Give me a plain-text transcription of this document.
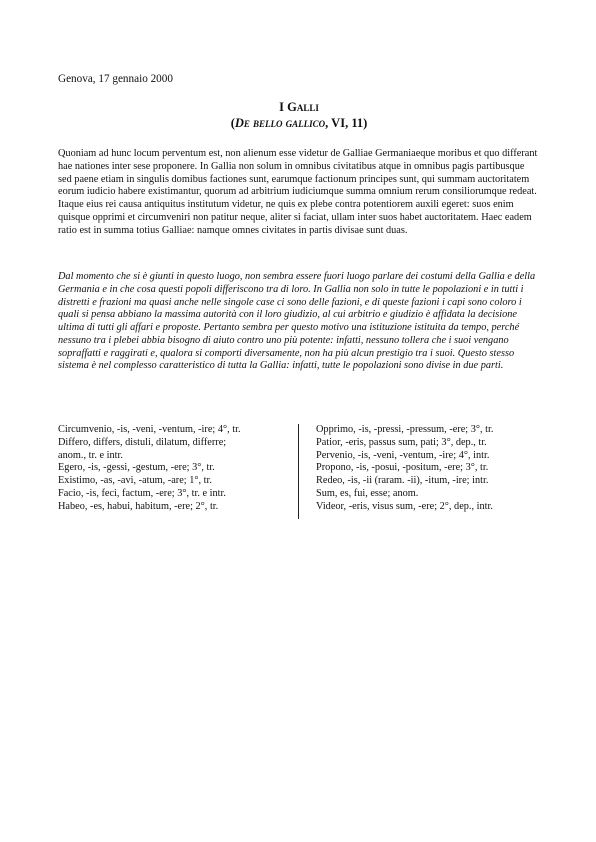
Genova, 17 gennaio 2000
I Galli
(De bello gallico, VI, 11)

Quoniam ad hunc locum perventum est, non alienum esse videtur de Galliae Germaniaeque moribus et quo differant hae nationes inter sese proponere. In Gallia non solum in omnibus civitatibus atque in omnibus pagis partibusque sed paene etiam in singulis domibus factiones sunt, earumque factionum principes sunt, qui summam auctoritatem eorum iudicio habere existimantur, quorum ad arbitrium iudiciumque summa omnium rerum consiliorumque redeat. Itaque eius rei causa antiquitus institutum videtur, ne quis ex plebe contra potentiorem auxili egeret: suos enim quisque opprimi et circumveniri non patitur neque, aliter si faciat, ullam inter suos habet auctoritatem. Haec eadem ratio est in summa totius Galliae: namque omnes civitates in partis divisae sunt duas.

Dal momento che si è giunti in questo luogo, non sembra essere fuori luogo parlare dei costumi della Gallia e della Germania e in che cosa questi popoli differiscono tra di loro. In Gallia non solo in tutte le popolazioni e in tutti i distretti e frazioni ma quasi anche nelle singole case ci sono delle fazioni, e di queste fazioni i capi sono coloro i quali si pensa abbiano la massima autorità con il loro giudizio, al cui arbitrio e giudizio è affidata la decisione ultima di tutti gli affari e proposte. Pertanto sembra per questo motivo una istituzione istituita da tempo, perché nessuno tra i plebei abbia bisogno di aiuto contro uno più potente: infatti, nessuno tollera che i suoi vengano sopraffatti e raggirati e, qualora si comporti diversamente, non ha più alcun prestigio tra i suoi. Questo stesso sistema è nel complesso caratteristico di tutta la Gallia: infatti, tutte le popolazioni sono divise in due parti.

Circumvenio, -is, -veni, -ventum, -ire; 4°, tr.
Differo, differs, distuli, dilatum, differre;
anom., tr. e intr.
Egero, -is, -gessi, -gestum, -ere; 3°, tr.
Existimo, -as, -avi, -atum, -are; 1°, tr.
Facio, -is, feci, factum, -ere; 3°, tr. e intr.
Habeo, -es, habui, habitum, -ere; 2°, tr.
Opprimo, -is, -pressi, -pressum, -ere; 3°, tr.
Patior, -eris, passus sum, pati; 3°, dep., tr.
Pervenio, -is, -veni, -ventum, -ire; 4°, intr.
Propono, -is, -posui, -positum, -ere; 3°, tr.
Redeo, -is, -ii (raram. -ii), -itum, -ire; intr.
Sum, es, fui, esse; anom.
Videor, -eris, visus sum, -ere; 2°, dep., intr.
